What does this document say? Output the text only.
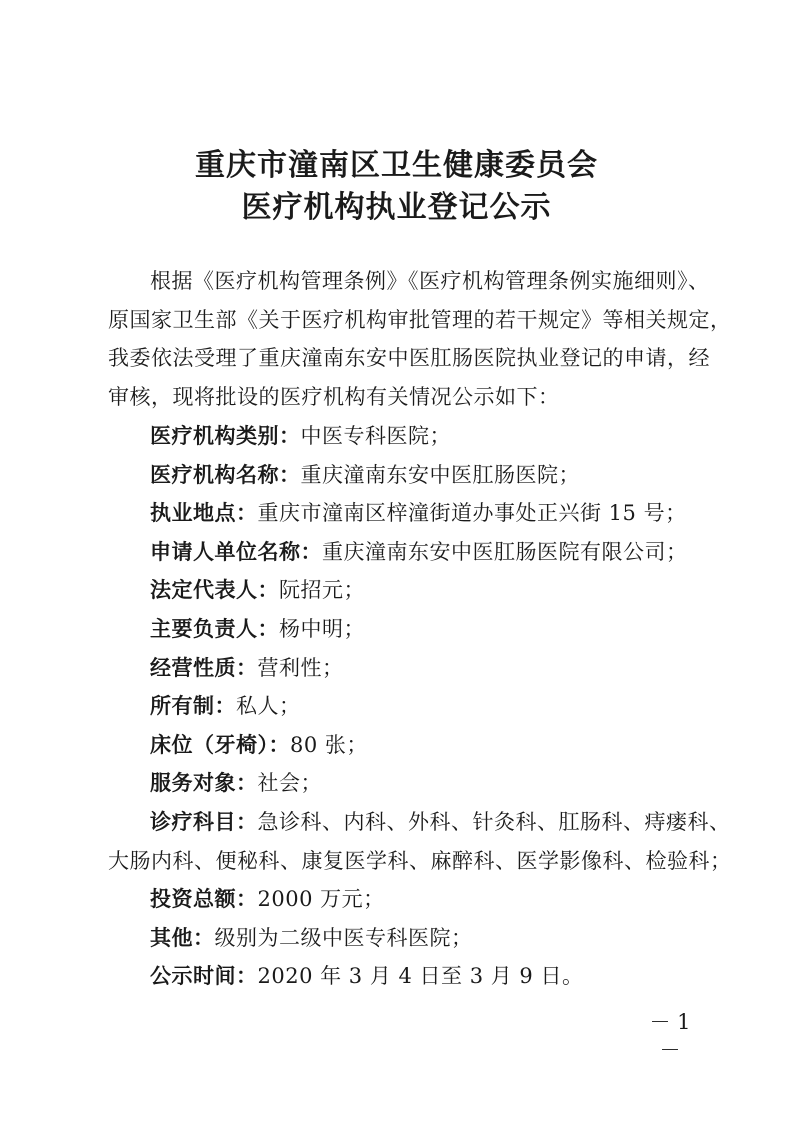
重庆市潼南区卫生健康委员会
医疗机构执业登记公示
根据《医疗机构管理条例》《医疗机构管理条例实施细则》、
原国家卫生部《关于医疗机构审批管理的若干规定》等相关规定，
我委依法受理了重庆潼南东安中医肛肠医院执业登记的申请，经
审核，现将批设的医疗机构有关情况公示如下：
医疗机构类别：中医专科医院；
医疗机构名称：重庆潼南东安中医肛肠医院；
执业地点：重庆市潼南区梓潼街道办事处正兴街 15 号；
申请人单位名称：重庆潼南东安中医肛肠医院有限公司；
法定代表人：阮招元；
主要负责人：杨中明；
经营性质：营利性；
所有制：私人；
床位（牙椅）：80 张；
服务对象：社会；
诊疗科目：急诊科、内科、外科、针灸科、肛肠科、痔瘘科、
大肠内科、便秘科、康复医学科、麻醉科、医学影像科、检验科；
投资总额：2000 万元；
其他：级别为二级中医专科医院；
公示时间：2020 年 3 月 4 日至 3 月 9 日。
－ 1 －
